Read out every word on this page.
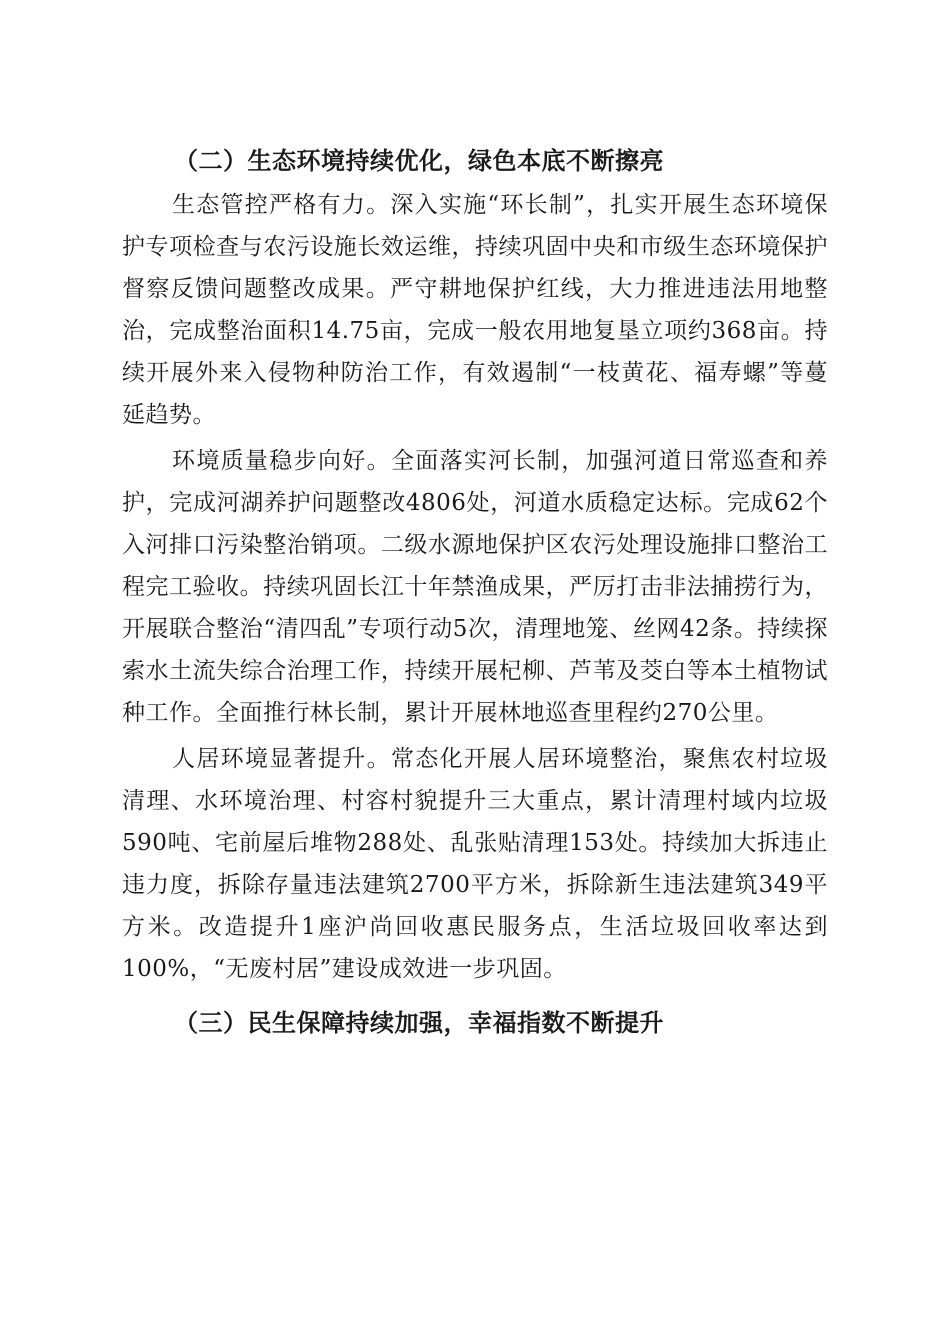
（二）生态环境持续优化，绿色本底不断擦亮

生态管控严格有力。深入实施“环长制”，扎实开展生态环境保护专项检查与农污设施长效运维，持续巩固中央和市级生态环境保护督察反馈问题整改成果。严守耕地保护红线，大力推进违法用地整治，完成整治面积14.75亩，完成一般农用地复垦立项约368亩。持续开展外来入侵物种防治工作，有效遏制“一枝黄花、福寿螺”等蔓延趋势。

环境质量稳步向好。全面落实河长制，加强河道日常巡查和养护，完成河湖养护问题整改4806处，河道水质稳定达标。完成62个入河排口污染整治销项。二级水源地保护区农污处理设施排口整治工程完工验收。持续巩固长江十年禁渔成果，严厉打击非法捕捞行为，开展联合整治“清四乱”专项行动5次，清理地笼、丝网42条。持续探索水土流失综合治理工作，持续开展杞柳、芦苇及茭白等本土植物试种工作。全面推行林长制，累计开展林地巡查里程约270公里。

人居环境显著提升。常态化开展人居环境整治，聚焦农村垃圾清理、水环境治理、村容村貌提升三大重点，累计清理村域内垃圾590吨、宅前屋后堆物288处、乱张贴清理153处。持续加大拆违止违力度，拆除存量违法建筑2700平方米，拆除新生违法建筑349平方米。改造提升1座沪尚回收惠民服务点，生活垃圾回收率达到100%，“无废村居”建设成效进一步巩固。

（三）民生保障持续加强，幸福指数不断提升
